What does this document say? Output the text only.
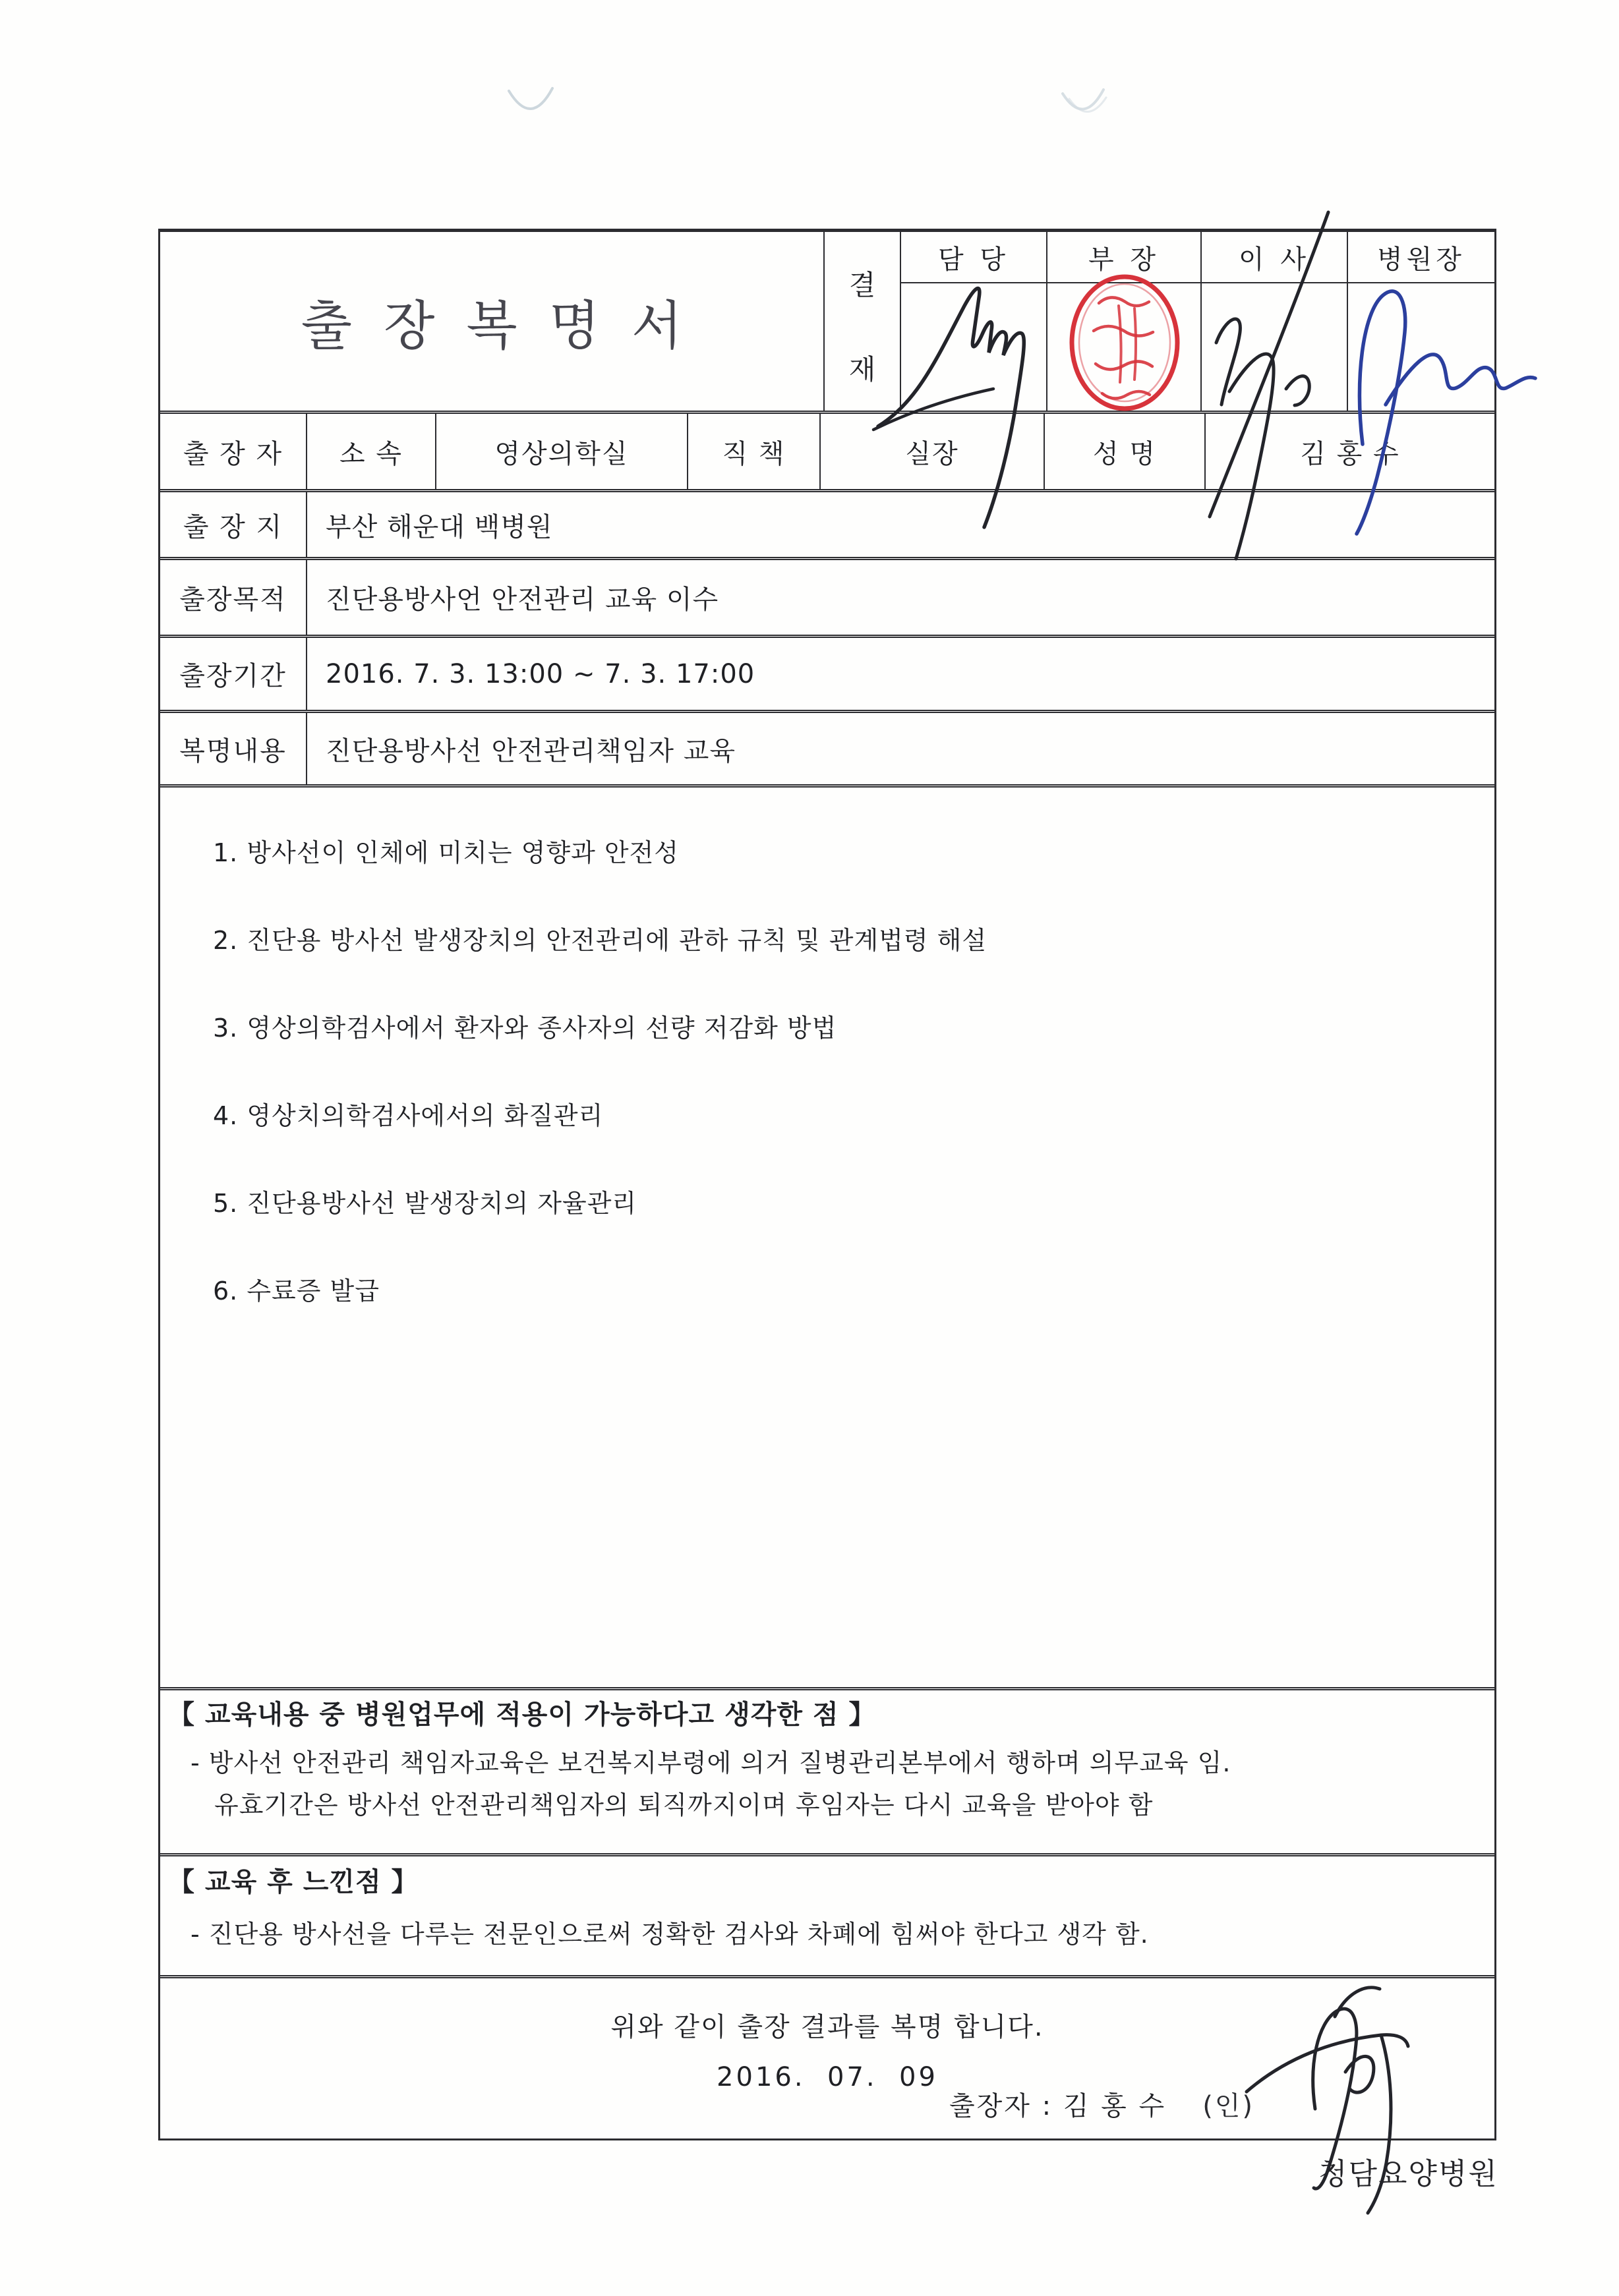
출장복명서
결
재
담 당	부 장	이 사	병원장
출 장 자	소 속	영상의학실	직 책	실장	성 명	김 홍 수
출 장 지	부산 해운대 백병원
출장목적	진단용방사언 안전관리 교육 이수
출장기간	2016. 7. 3. 13:00 ~ 7. 3. 17:00
복명내용	진단용방사선 안전관리책임자 교육
1. 방사선이 인체에 미치는 영향과 안전성
2. 진단용 방사선 발생장치의 안전관리에 관하 규칙 및 관계법령 해설
3. 영상의학검사에서 환자와 종사자의 선량 저감화 방법
4. 영상치의학검사에서의 화질관리
5. 진단용방사선 발생장치의 자율관리
6. 수료증 발급
【 교육내용 중 병원업무에 적용이 가능하다고 생각한 점 】
- 방사선 안전관리 책임자교육은 보건복지부령에 의거 질병관리본부에서 행하며 의무교육 임.
유효기간은 방사선 안전관리책임자의 퇴직까지이며 후임자는 다시 교육을 받아야 함
【 교육 후 느낀점 】
- 진단용 방사선을 다루는 전문인으로써 정확한 검사와 차폐에 힘써야 한다고 생각 함.
위와 같이 출장 결과를 복명 합니다.
2016.  07.  09
출장자 : 김 홍 수 (인)
청담요양병원
